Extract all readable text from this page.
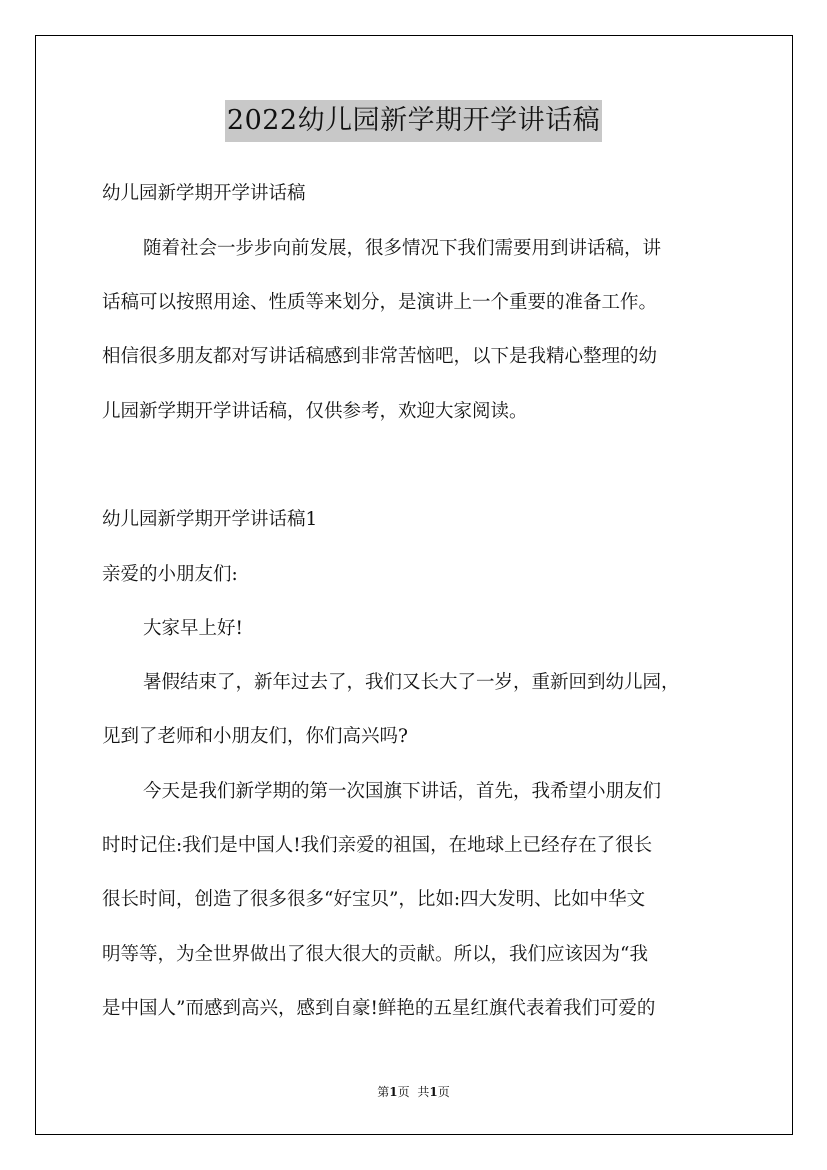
2022幼儿园新学期开学讲话稿
幼儿园新学期开学讲话稿
随着社会一步步向前发展，很多情况下我们需要用到讲话稿，讲
话稿可以按照用途、性质等来划分，是演讲上一个重要的准备工作。
相信很多朋友都对写讲话稿感到非常苦恼吧，以下是我精心整理的幼
儿园新学期开学讲话稿，仅供参考，欢迎大家阅读。
幼儿园新学期开学讲话稿1
亲爱的小朋友们:
大家早上好!
暑假结束了，新年过去了，我们又长大了一岁，重新回到幼儿园，
见到了老师和小朋友们，你们高兴吗?
今天是我们新学期的第一次国旗下讲话，首先，我希望小朋友们
时时记住:我们是中国人!我们亲爱的祖国，在地球上已经存在了很长
很长时间，创造了很多很多“好宝贝”，比如:四大发明、比如中华文
明等等，为全世界做出了很大很大的贡献。所以，我们应该因为“我
是中国人”而感到高兴，感到自豪!鲜艳的五星红旗代表着我们可爱的
第1页 共1页
